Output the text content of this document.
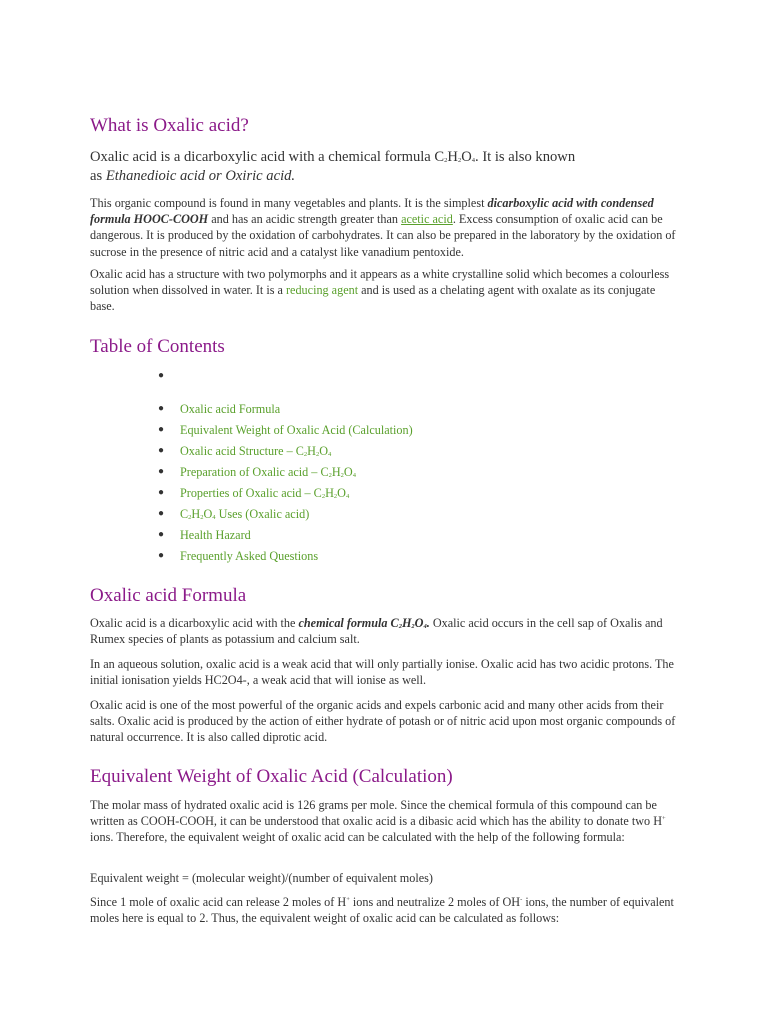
What is Oxalic acid?

Oxalic acid is a dicarboxylic acid with a chemical formula $C_2H_2O_4$. It is also known
as Ethanedioic acid or Oxiric acid.

This organic compound is found in many vegetables and plants. It is the simplest dicarboxylic acid with condensed formula HOOC-COOH and has an acidic strength greater than acetic acid. Excess consumption of oxalic acid can be dangerous. It is produced by the oxidation of carbohydrates. It can also be prepared in the laboratory by the oxidation of sucrose in the presence of nitric acid and a catalyst like vanadium pentoxide.

Oxalic acid has a structure with two polymorphs and it appears as a white crystalline solid which becomes a colourless solution when dissolved in water. It is a reducing agent and is used as a chelating agent with oxalate as its conjugate base.

Table of Contents
●
● Oxalic acid Formula
● Equivalent Weight of Oxalic Acid (Calculation)
● Oxalic acid Structure – $C_2H_2O_4$
● Preparation of Oxalic acid – $C_2H_2O_4$
● Properties of Oxalic acid – $C_2H_2O_4$
● $C_2H_2O_4$ Uses (Oxalic acid)
● Health Hazard
● Frequently Asked Questions
Oxalic acid Formula

Oxalic acid is a dicarboxylic acid with the chemical formula $C_2H_2O_4$. Oxalic acid occurs in the cell sap of Oxalis and Rumex species of plants as potassium and calcium salt.

In an aqueous solution, oxalic acid is a weak acid that will only partially ionise. Oxalic acid has two acidic protons. The initial ionisation yields HC2O4-, a weak acid that will ionise as well.

Oxalic acid is one of the most powerful of the organic acids and expels carbonic acid and many other acids from their salts. Oxalic acid is produced by the action of either hydrate of potash or of nitric acid upon most organic compounds of natural occurrence. It is also called diprotic acid.

Equivalent Weight of Oxalic Acid (Calculation)

The molar mass of hydrated oxalic acid is 126 grams per mole. Since the chemical formula of this compound can be written as COOH-COOH, it can be understood that oxalic acid is a dibasic acid which has the ability to donate two H+ ions. Therefore, the equivalent weight of oxalic acid can be calculated with the help of the following formula:

Equivalent weight = (molecular weight)/(number of equivalent moles)

Since 1 mole of oxalic acid can release 2 moles of H+ ions and neutralize 2 moles of OH- ions, the number of equivalent moles here is equal to 2. Thus, the equivalent weight of oxalic acid can be calculated as follows:
